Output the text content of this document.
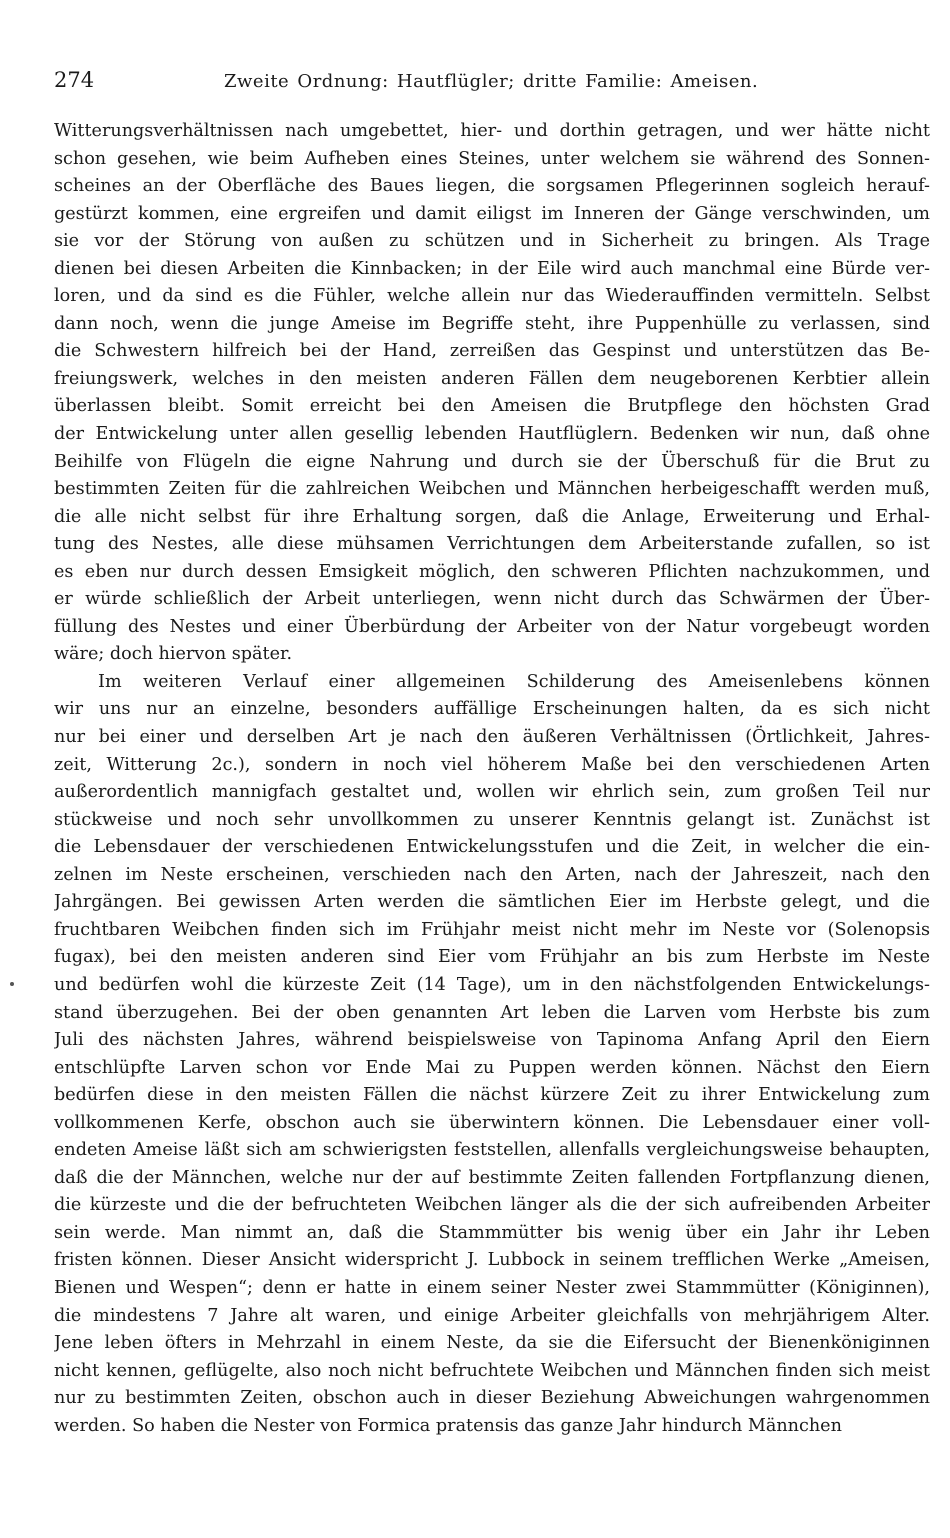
274	Zweite Ordnung: Hautflügler; dritte Familie: Ameisen.

Witterungsverhältnissen nach umgebettet, hier- und dorthin getragen, und wer hätte nicht
schon gesehen, wie beim Aufheben eines Steines, unter welchem sie während des Sonnen-
scheines an der Oberfläche des Baues liegen, die sorgsamen Pflegerinnen sogleich herauf-
gestürzt kommen, eine ergreifen und damit eiligst im Inneren der Gänge verschwinden, um
sie vor der Störung von außen zu schützen und in Sicherheit zu bringen. Als Trage
dienen bei diesen Arbeiten die Kinnbacken; in der Eile wird auch manchmal eine Bürde ver-
loren, und da sind es die Fühler, welche allein nur das Wiederauffinden vermitteln. Selbst
dann noch, wenn die junge Ameise im Begriffe steht, ihre Puppenhülle zu verlassen, sind
die Schwestern hilfreich bei der Hand, zerreißen das Gespinst und unterstützen das Be-
freiungswerk, welches in den meisten anderen Fällen dem neugeborenen Kerbtier allein
überlassen bleibt. Somit erreicht bei den Ameisen die Brutpflege den höchsten Grad
der Entwickelung unter allen gesellig lebenden Hautflüglern. Bedenken wir nun, daß ohne
Beihilfe von Flügeln die eigne Nahrung und durch sie der Überschuß für die Brut zu
bestimmten Zeiten für die zahlreichen Weibchen und Männchen herbeigeschafft werden muß,
die alle nicht selbst für ihre Erhaltung sorgen, daß die Anlage, Erweiterung und Erhal-
tung des Nestes, alle diese mühsamen Verrichtungen dem Arbeiterstande zufallen, so ist
es eben nur durch dessen Emsigkeit möglich, den schweren Pflichten nachzukommen, und
er würde schließlich der Arbeit unterliegen, wenn nicht durch das Schwärmen der Über-
füllung des Nestes und einer Überbürdung der Arbeiter von der Natur vorgebeugt worden
wäre; doch hiervon später.

Im weiteren Verlauf einer allgemeinen Schilderung des Ameisenlebens können
wir uns nur an einzelne, besonders auffällige Erscheinungen halten, da es sich nicht
nur bei einer und derselben Art je nach den äußeren Verhältnissen (Örtlichkeit, Jahres-
zeit, Witterung 2c.), sondern in noch viel höherem Maße bei den verschiedenen Arten
außerordentlich mannigfach gestaltet und, wollen wir ehrlich sein, zum großen Teil nur
stückweise und noch sehr unvollkommen zu unserer Kenntnis gelangt ist. Zunächst ist
die Lebensdauer der verschiedenen Entwickelungsstufen und die Zeit, in welcher die ein-
zelnen im Neste erscheinen, verschieden nach den Arten, nach der Jahreszeit, nach den
Jahrgängen. Bei gewissen Arten werden die sämtlichen Eier im Herbste gelegt, und die
fruchtbaren Weibchen finden sich im Frühjahr meist nicht mehr im Neste vor (Solenopsis
fugax), bei den meisten anderen sind Eier vom Frühjahr an bis zum Herbste im Neste
und bedürfen wohl die kürzeste Zeit (14 Tage), um in den nächstfolgenden Entwickelungs-
stand überzugehen. Bei der oben genannten Art leben die Larven vom Herbste bis zum
Juli des nächsten Jahres, während beispielsweise von Tapinoma Anfang April den Eiern
entschlüpfte Larven schon vor Ende Mai zu Puppen werden können. Nächst den Eiern
bedürfen diese in den meisten Fällen die nächst kürzere Zeit zu ihrer Entwickelung zum
vollkommenen Kerfe, obschon auch sie überwintern können. Die Lebensdauer einer voll-
endeten Ameise läßt sich am schwierigsten feststellen, allenfalls vergleichungsweise behaupten,
daß die der Männchen, welche nur der auf bestimmte Zeiten fallenden Fortpflanzung dienen,
die kürzeste und die der befruchteten Weibchen länger als die der sich aufreibenden Arbeiter
sein werde. Man nimmt an, daß die Stammmütter bis wenig über ein Jahr ihr Leben
fristen können. Dieser Ansicht widerspricht J. Lubbock in seinem trefflichen Werke „Ameisen,
Bienen und Wespen“; denn er hatte in einem seiner Nester zwei Stammmütter (Königinnen),
die mindestens 7 Jahre alt waren, und einige Arbeiter gleichfalls von mehrjährigem Alter.
Jene leben öfters in Mehrzahl in einem Neste, da sie die Eifersucht der Bienenköniginnen
nicht kennen, geflügelte, also noch nicht befruchtete Weibchen und Männchen finden sich meist
nur zu bestimmten Zeiten, obschon auch in dieser Beziehung Abweichungen wahrgenommen
werden. So haben die Nester von Formica pratensis das ganze Jahr hindurch Männchen
